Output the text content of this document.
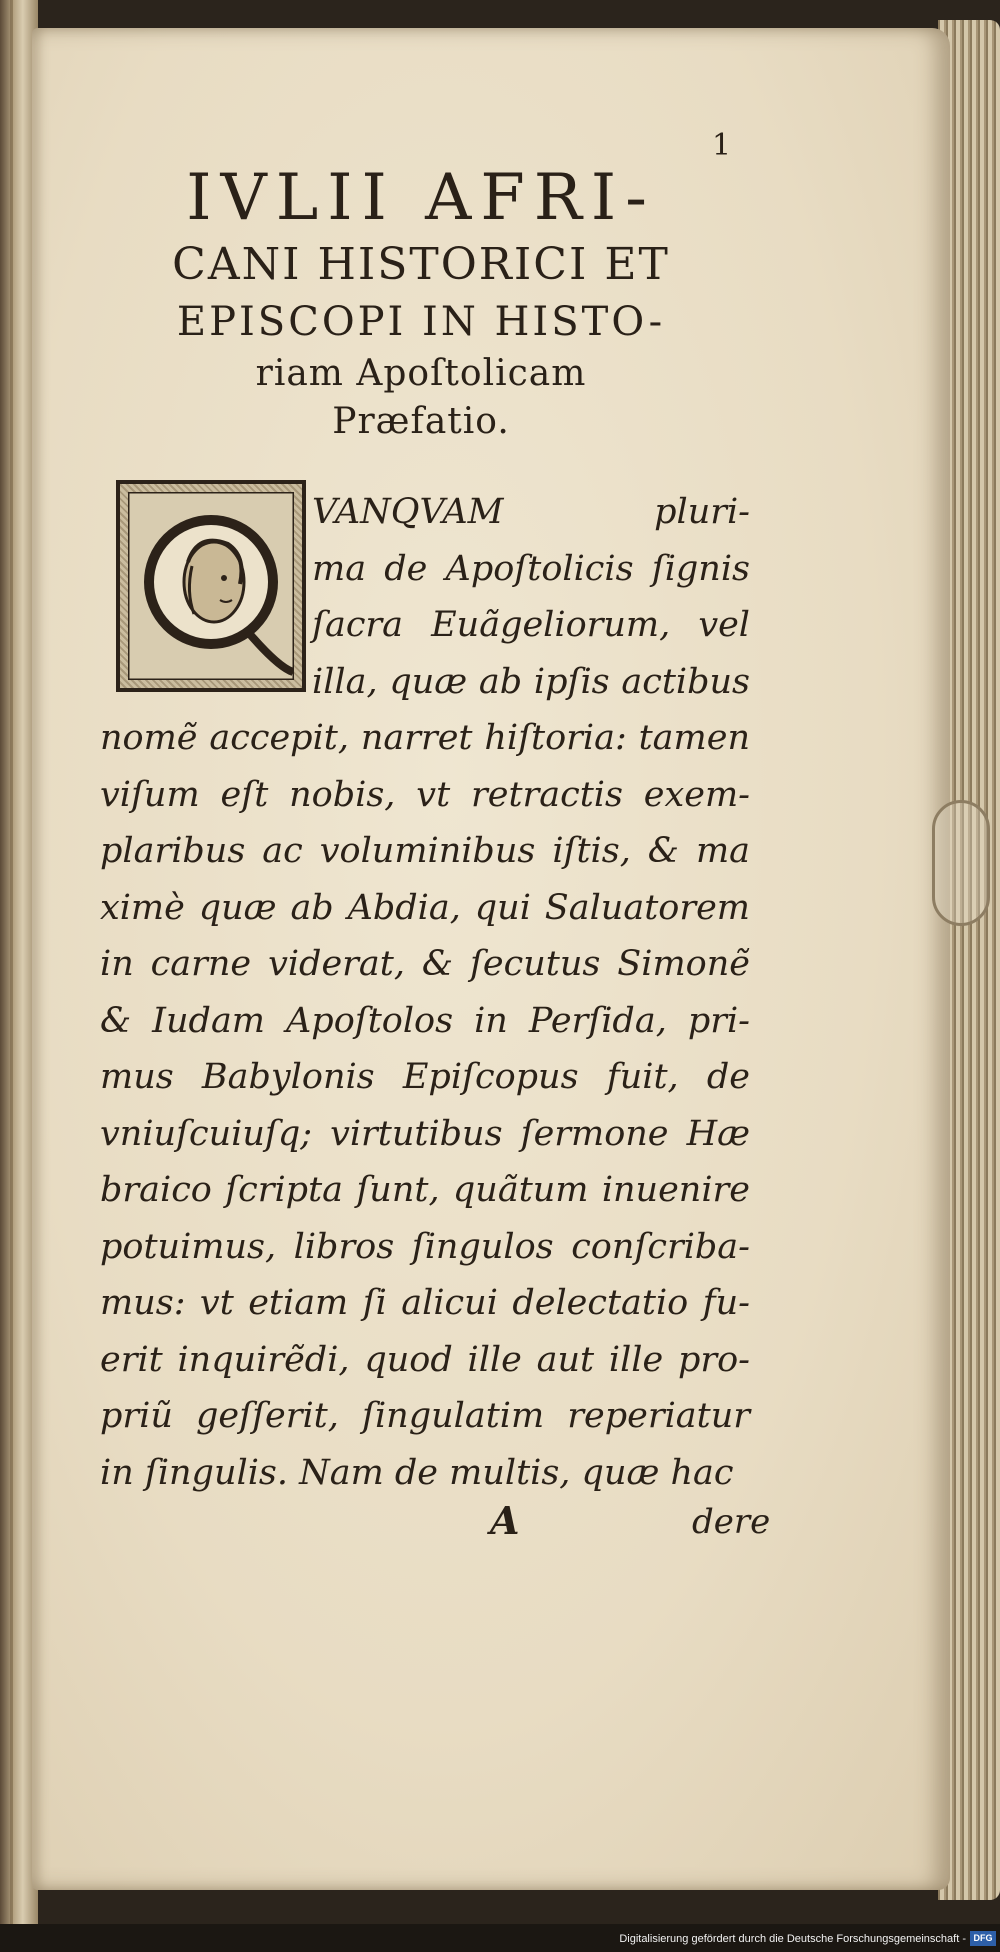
1
IVLII AFRI-
CANI HISTORICI ET
EPISCOPI IN HISTO-
riam Apoſtolicam
Præfatio.
VANQVAM pluri-
ma de Apoſtolicis ſignis
ſacra Euãgeliorum, vel
illa, quæ ab ipſis actibus
nomẽ accepit, narret hiſtoria: tamen
viſum eſt nobis, vt retractis exem-
plaribus ac voluminibus iſtis, & ma
ximè quæ ab Abdia, qui Saluatorem
in carne viderat, & ſecutus Simonẽ
& Iudam Apoſtolos in Perſida, pri-
mus Babylonis Epiſcopus fuit, de
vniuſcuiuſq; virtutibus ſermone Hæ
braico ſcripta ſunt, quãtum inuenire
potuimus, libros ſingulos conſcriba-
mus: vt etiam ſi alicui delectatio fu-
erit inquirẽdi, quod ille aut ille pro-
priũ geſſerit, ſingulatim reperiatur
in ſingulis. Nam de multis, quæ hac
A	dere
Digitalisierung gefördert durch die Deutsche Forschungsgemeinschaft - DFG
